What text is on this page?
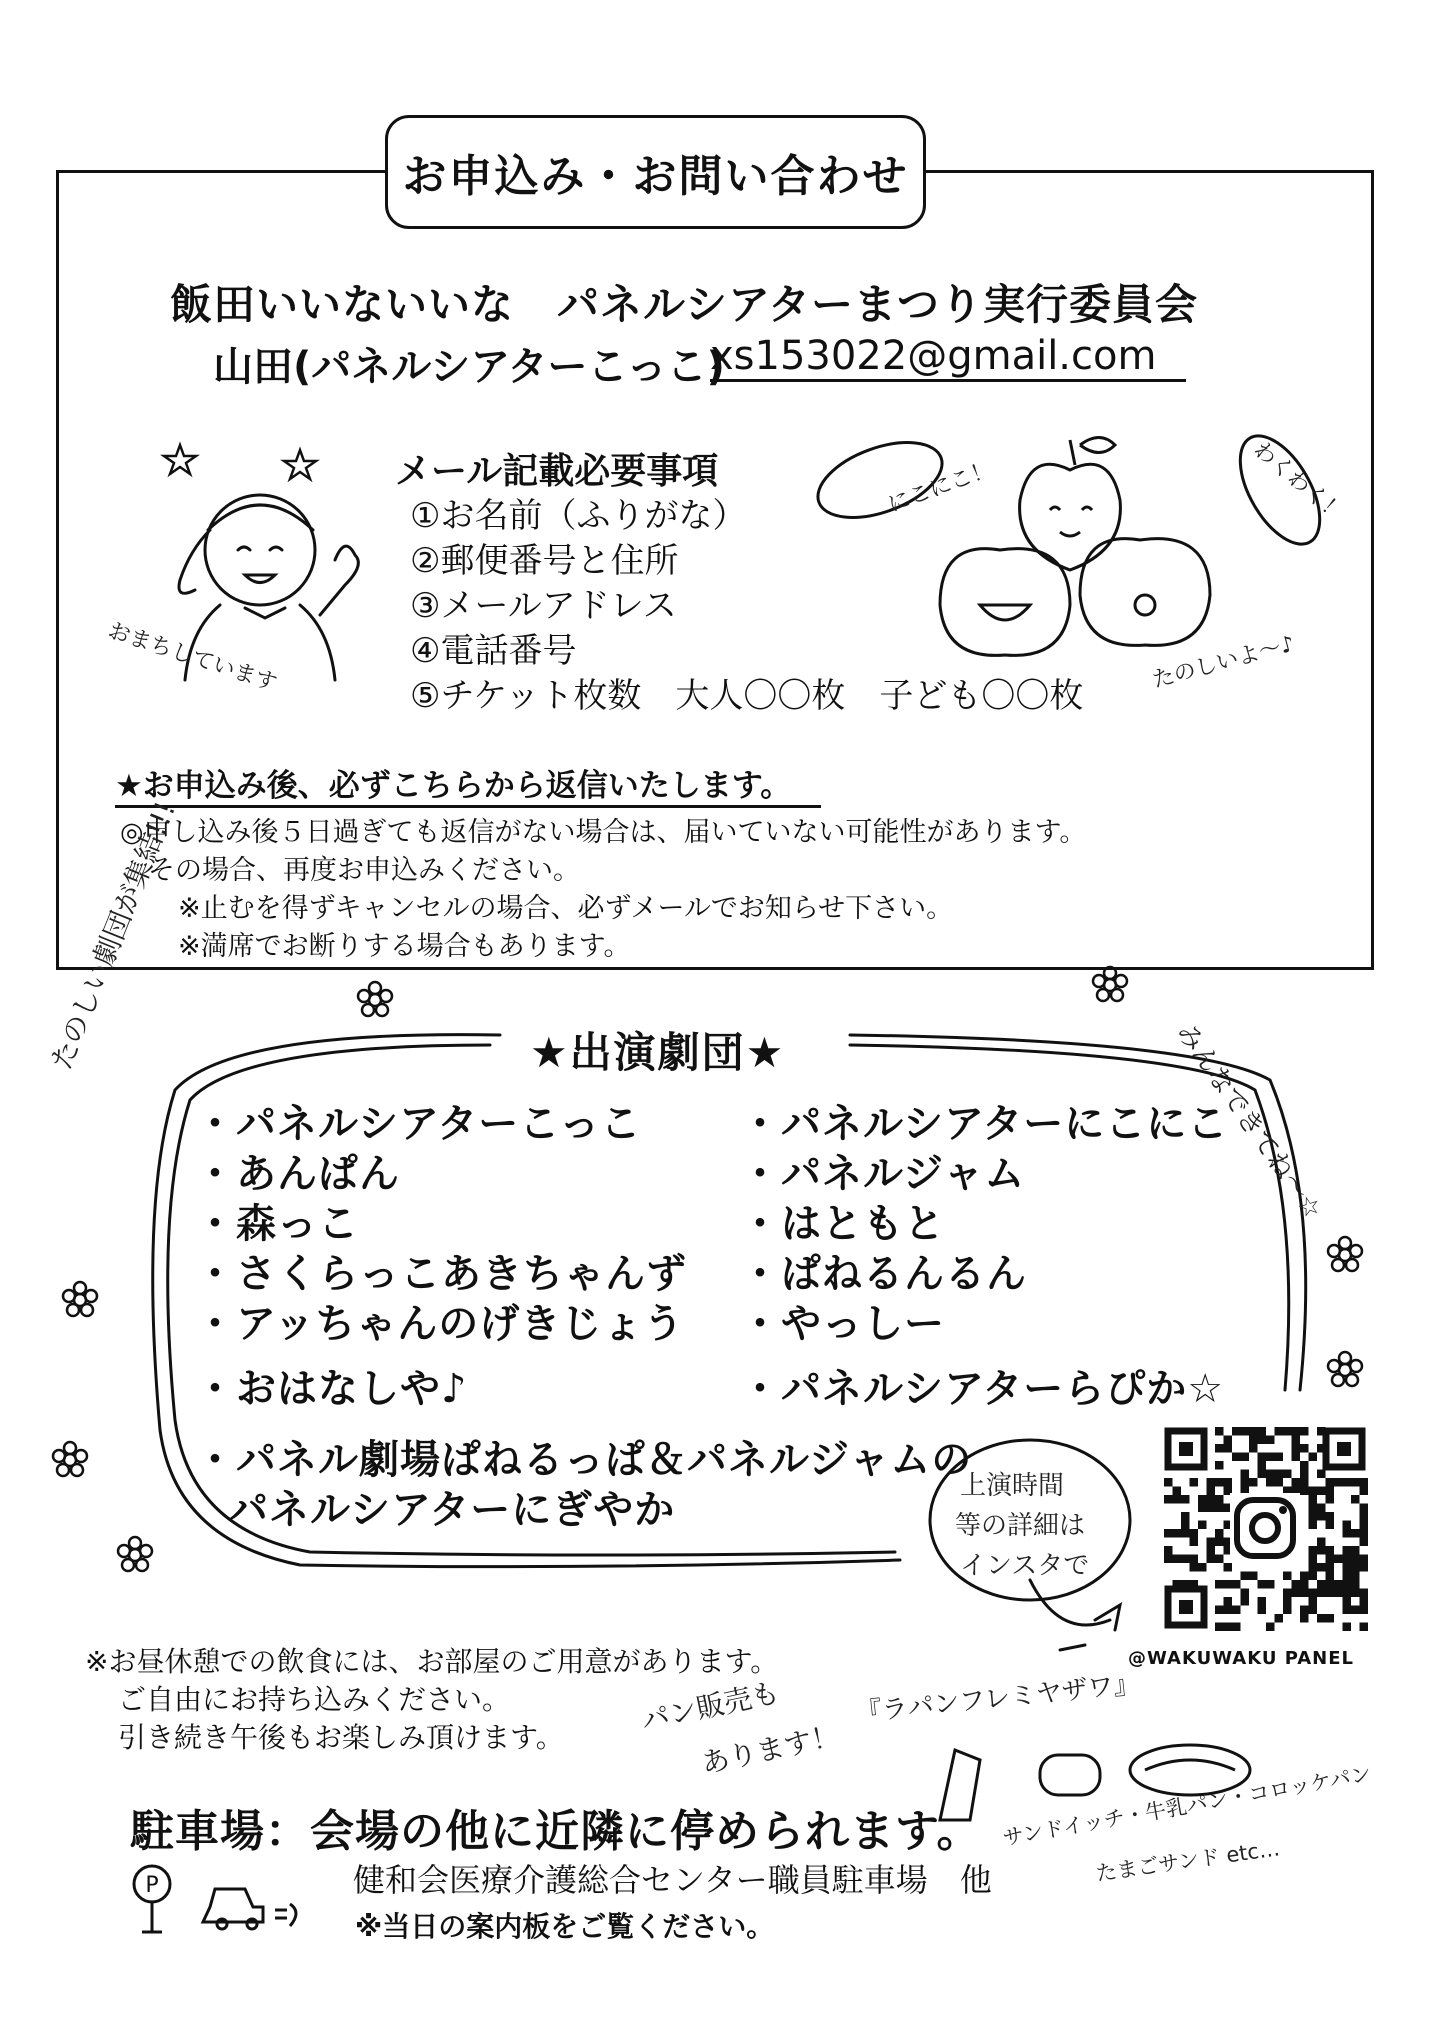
お申込み・お問い合わせ
飯田いいないいな　パネルシアターまつり実行委員会
山田(パネルシアターこっこ)
xs153022@gmail.com
おまちしています
メール記載必要事項
①お名前（ふりがな）
②郵便番号と住所
③メールアドレス
④電話番号
⑤チケット枚数　大人〇〇枚　子ども〇〇枚
にこにこ！	わくわく！
たのしいよ〜♪
★お申込み後、必ずこちらから返信いたします。
◎申し込み後５日過ぎても返信がない場合は、届いていない可能性があります。
その場合、再度お申込みください。
※止むを得ずキャンセルの場合、必ずメールでお知らせ下さい。
※満席でお断りする場合もあります。
★出演劇団★
たのしい劇団が集結!!!
みんなできてね〜☆
・パネルシアターこっこ
・あんぱん
・森っこ
・さくらっこあきちゃんず
・アッちゃんのげきじょう
・おはなしや♪
・パネルシアターにこにこ
・パネルジャム
・はともと
・ぱねるんるん
・やっしー
・パネルシアターらぴか☆
・パネル劇場ぱねるっぱ＆パネルジャムの
パネルシアターにぎやか
上演時間
等の詳細は
インスタで
@WAKUWAKU PANEL
※お昼休憩での飲食には、お部屋のご用意があります。
ご自由にお持ち込みください。
引き続き午後もお楽しみ頂けます。
パン販売も
あります！
『ラパンフレミヤザワ』
サンドイッチ・牛乳パン・コロッケパン
たまごサンド etc…
駐車場：会場の他に近隣に停められます。
健和会医療介護総合センター職員駐車場　他
※当日の案内板をご覧ください。
P
